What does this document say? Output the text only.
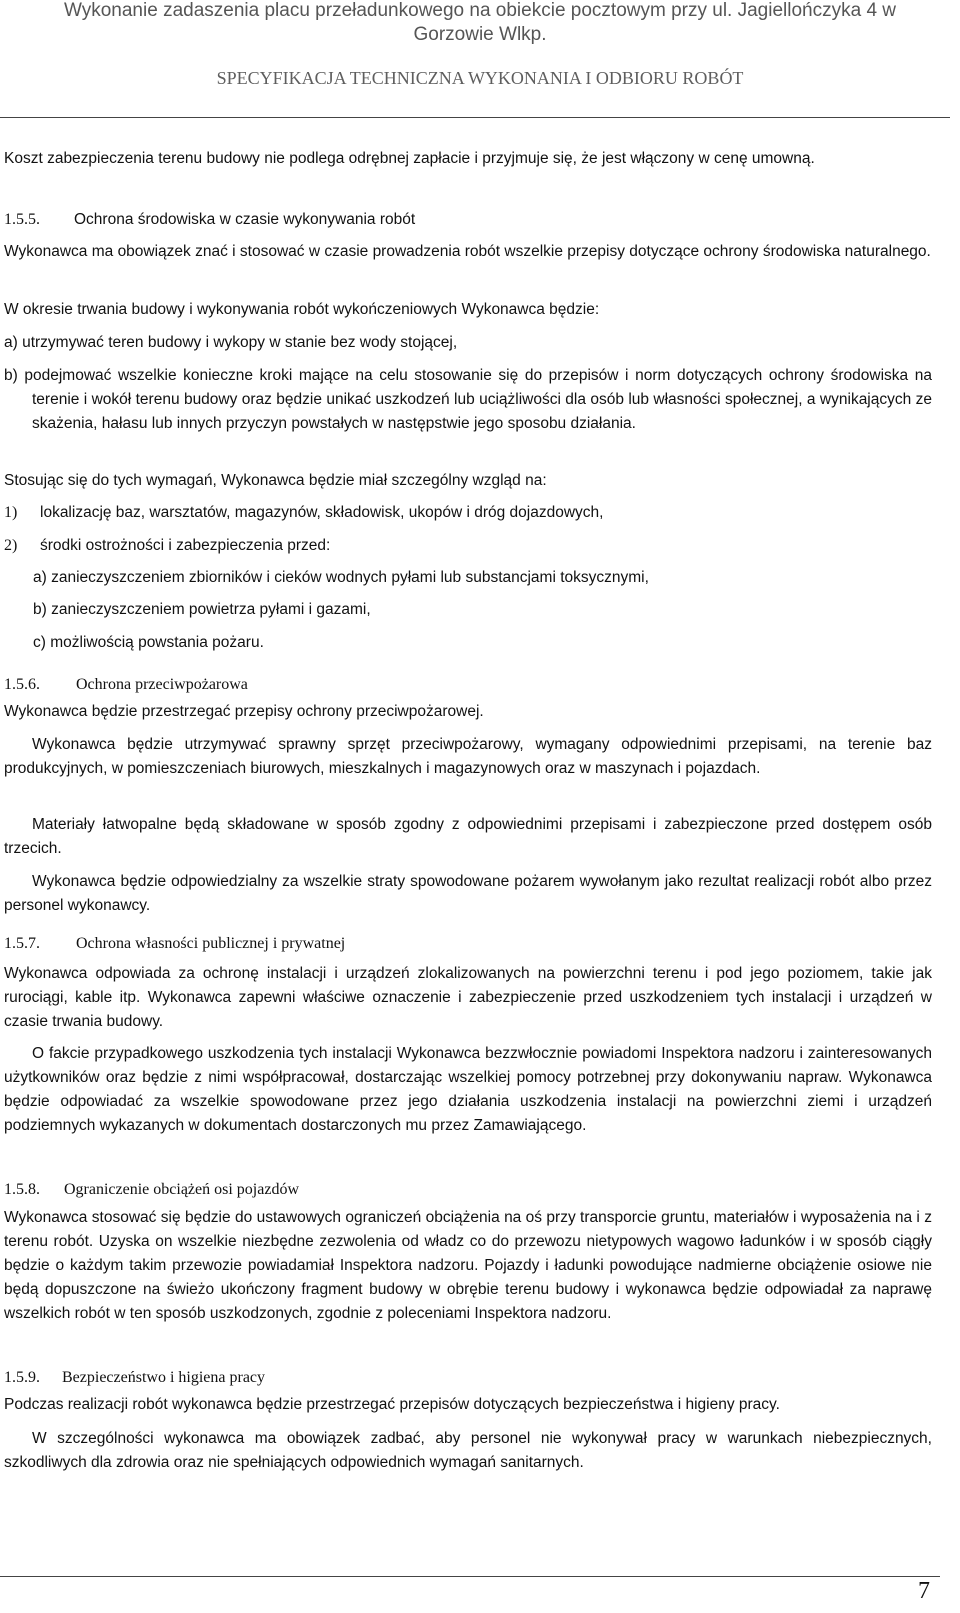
Wykonanie zadaszenia placu przeładunkowego na obiekcie pocztowym przy ul. Jagiellończyka 4 w
Gorzowie Wlkp.
SPECYFIKACJA TECHNICZNA WYKONANIA I ODBIORU ROBÓT
Koszt zabezpieczenia terenu budowy nie podlega odrębnej zapłacie i przyjmuje się, że jest włączony w cenę umowną.
1.5.5. Ochrona środowiska w czasie wykonywania robót
Wykonawca ma obowiązek znać i stosować w czasie prowadzenia robót wszelkie przepisy dotyczące ochrony środowiska naturalnego.
W okresie trwania budowy i wykonywania robót wykończeniowych Wykonawca będzie:
a) utrzymywać teren budowy i wykopy w stanie bez wody stojącej,
b) podejmować wszelkie konieczne kroki mające na celu stosowanie się do przepisów i norm dotyczących ochrony środowiska na terenie i wokół terenu budowy oraz będzie unikać uszkodzeń lub uciążliwości dla osób lub własności społecznej, a wynikających ze skażenia, hałasu lub innych przyczyn powstałych w następstwie jego sposobu działania.
Stosując się do tych wymagań, Wykonawca będzie miał szczególny wzgląd na:
1) lokalizację baz, warsztatów, magazynów, składowisk, ukopów i dróg dojazdowych,
2) środki ostrożności i zabezpieczenia przed:
a) zanieczyszczeniem zbiorników i cieków wodnych pyłami lub substancjami toksycznymi,
b) zanieczyszczeniem powietrza pyłami i gazami,
c) możliwością powstania pożaru.
1.5.6. Ochrona przeciwpożarowa
Wykonawca będzie przestrzegać przepisy ochrony przeciwpożarowej.
Wykonawca będzie utrzymywać sprawny sprzęt przeciwpożarowy, wymagany odpowiednimi przepisami, na terenie baz produkcyjnych, w pomieszczeniach biurowych, mieszkalnych i magazynowych oraz w maszynach i pojazdach.
Materiały łatwopalne będą składowane w sposób zgodny z odpowiednimi przepisami i zabezpieczone przed dostępem osób trzecich.
Wykonawca będzie odpowiedzialny za wszelkie straty spowodowane pożarem wywołanym jako rezultat realizacji robót albo przez personel wykonawcy.
1.5.7. Ochrona własności publicznej i prywatnej
Wykonawca odpowiada za ochronę instalacji i urządzeń zlokalizowanych na powierzchni terenu i pod jego poziomem, takie jak rurociągi, kable itp. Wykonawca zapewni właściwe oznaczenie i zabezpieczenie przed uszkodzeniem tych instalacji i urządzeń w czasie trwania budowy.
O fakcie przypadkowego uszkodzenia tych instalacji Wykonawca bezzwłocznie powiadomi Inspektora nadzoru i zainteresowanych użytkowników oraz będzie z nimi współpracował, dostarczając wszelkiej pomocy potrzebnej przy dokonywaniu napraw. Wykonawca będzie odpowiadać za wszelkie spowodowane przez jego działania uszkodzenia instalacji na powierzchni ziemi i urządzeń podziemnych wykazanych w dokumentach dostarczonych mu przez Zamawiającego.
1.5.8. Ograniczenie obciążeń osi pojazdów
Wykonawca stosować się będzie do ustawowych ograniczeń obciążenia na oś przy transporcie gruntu, materiałów i wyposażenia na i z terenu robót. Uzyska on wszelkie niezbędne zezwolenia od władz co do przewozu nietypowych wagowo ładunków i w sposób ciągły będzie o każdym takim przewozie powiadamiał Inspektora nadzoru. Pojazdy i ładunki powodujące nadmierne obciążenie osiowe nie będą dopuszczone na świeżo ukończony fragment budowy w obrębie terenu budowy i wykonawca będzie odpowiadał za naprawę wszelkich robót w ten sposób uszkodzonych, zgodnie z poleceniami Inspektora nadzoru.
1.5.9. Bezpieczeństwo i higiena pracy
Podczas realizacji robót wykonawca będzie przestrzegać przepisów dotyczących bezpieczeństwa i higieny pracy.
W szczególności wykonawca ma obowiązek zadbać, aby personel nie wykonywał pracy w warunkach niebezpiecznych, szkodliwych dla zdrowia oraz nie spełniających odpowiednich wymagań sanitarnych.
7
